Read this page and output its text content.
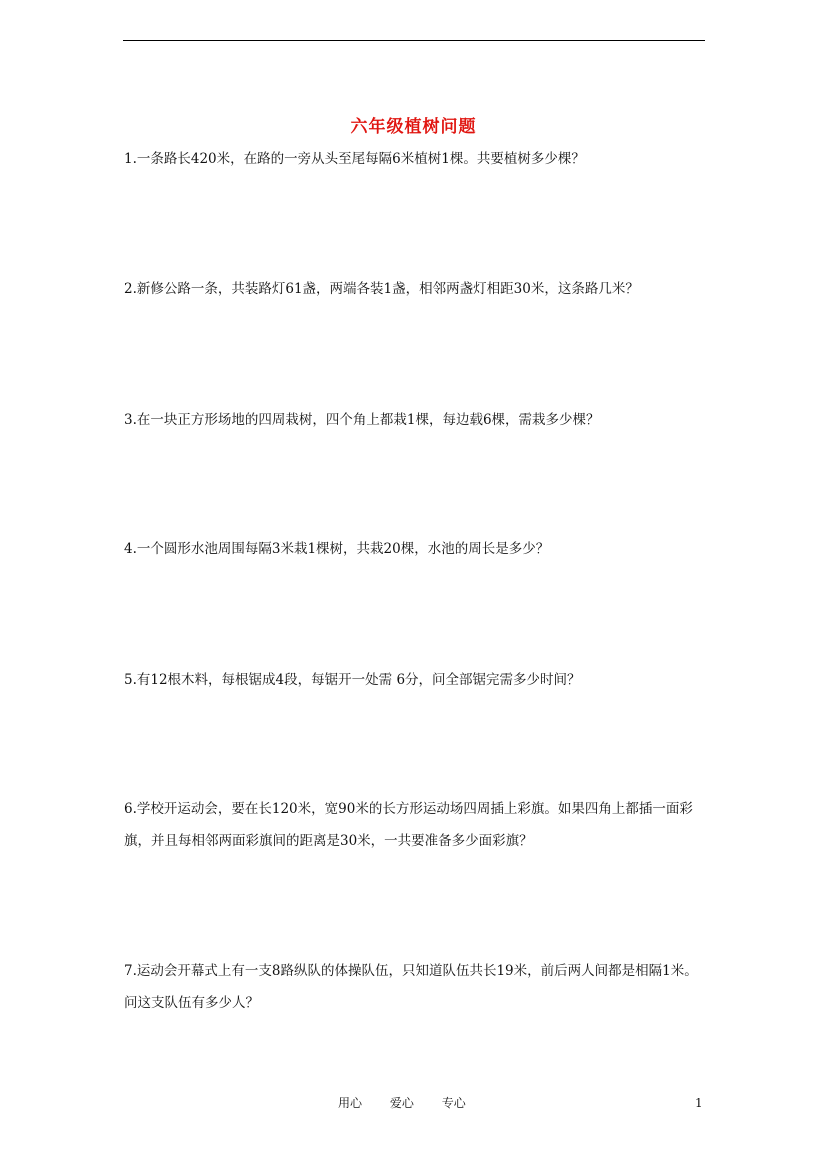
六年级植树问题
1.一条路长420米，在路的一旁从头至尾每隔6米植树1棵。共要植树多少棵？
2.新修公路一条，共装路灯61盏，两端各装1盏，相邻两盏灯相距30米，这条路几米？
3.在一块正方形场地的四周栽树，四个角上都栽1棵，每边载6棵，需栽多少棵？
4.一个圆形水池周围每隔3米栽1棵树，共栽20棵，水池的周长是多少？
5.有12根木料，每根锯成4段，每锯开一处需 6分，问全部锯完需多少时间？
6.学校开运动会，要在长120米，宽90米的长方形运动场四周插上彩旗。如果四角上都插一面彩旗，并且每相邻两面彩旗间的距离是30米，一共要准备多少面彩旗？
7.运动会开幕式上有一支8路纵队的体操队伍，只知道队伍共长19米，前后两人间都是相隔1米。问这支队伍有多少人？
用心 爱心 专心	1
